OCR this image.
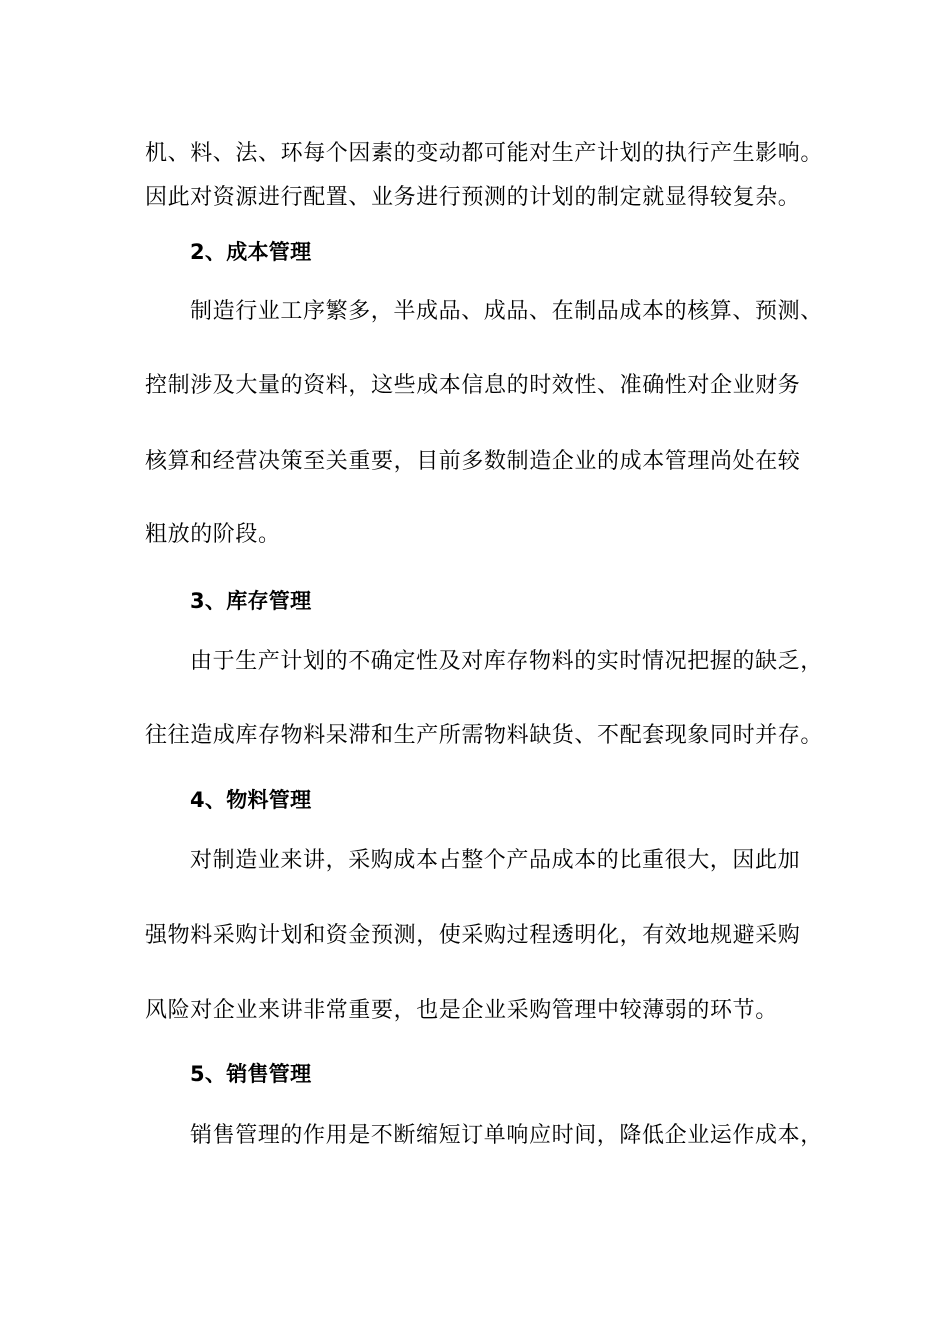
机、料、法、环每个因素的变动都可能对生产计划的执行产生影响。
因此对资源进行配置、业务进行预测的计划的制定就显得较复杂。
2、成本管理
制造行业工序繁多，半成品、成品、在制品成本的核算、预测、
控制涉及大量的资料，这些成本信息的时效性、准确性对企业财务
核算和经营决策至关重要，目前多数制造企业的成本管理尚处在较
粗放的阶段。
3、库存管理
由于生产计划的不确定性及对库存物料的实时情况把握的缺乏，
往往造成库存物料呆滞和生产所需物料缺货、不配套现象同时并存。
4、物料管理
对制造业来讲，采购成本占整个产品成本的比重很大，因此加
强物料采购计划和资金预测，使采购过程透明化，有效地规避采购
风险对企业来讲非常重要，也是企业采购管理中较薄弱的环节。
5、销售管理
销售管理的作用是不断缩短订单响应时间，降低企业运作成本，
